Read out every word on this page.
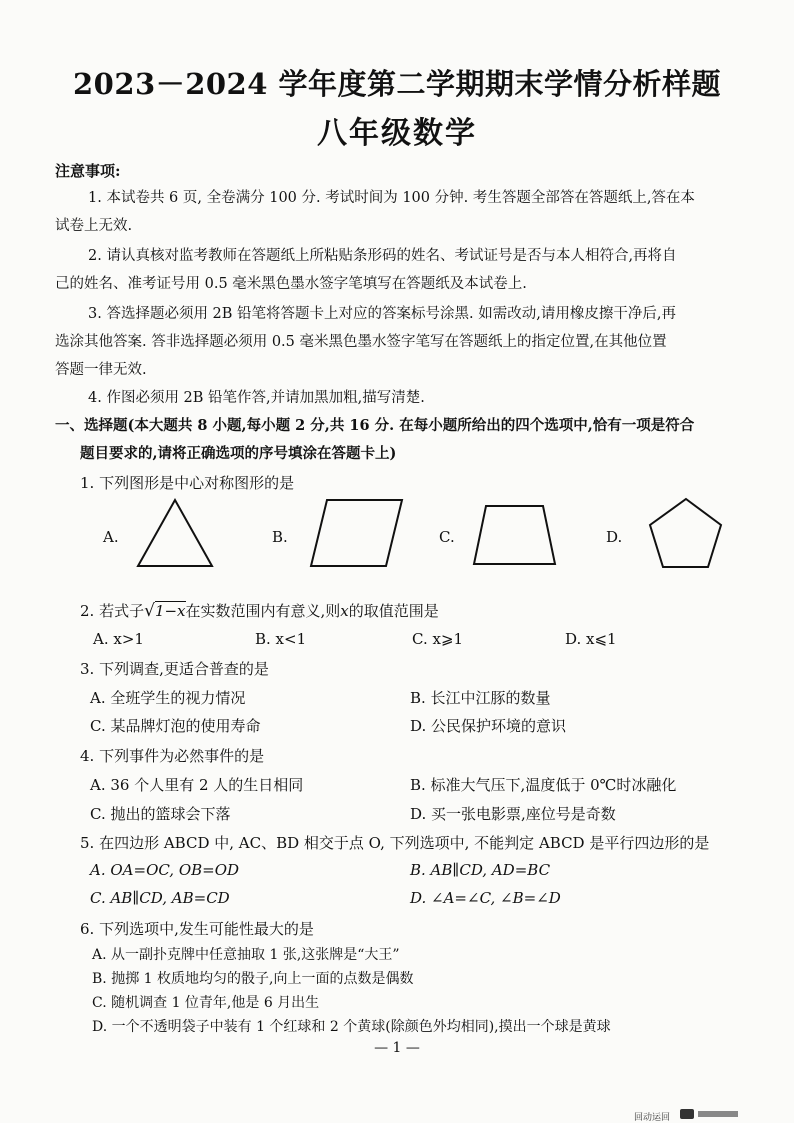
2023－2024 学年度第二学期期末学情分析样题
八年级数学
注意事项:
1. 本试卷共 6 页, 全卷满分 100 分. 考试时间为 100 分钟. 考生答题全部答在答题纸上,答在本
试卷上无效.
2. 请认真核对监考教师在答题纸上所粘贴条形码的姓名、考试证号是否与本人相符合,再将自
己的姓名、准考证号用 0.5 毫米黑色墨水签字笔填写在答题纸及本试卷上.
3. 答选择题必须用 2B 铅笔将答题卡上对应的答案标号涂黑. 如需改动,请用橡皮擦干净后,再
选涂其他答案. 答非选择题必须用 0.5 毫米黑色墨水签字笔写在答题纸上的指定位置,在其他位置
答题一律无效.
4. 作图必须用 2B 铅笔作答,并请加黑加粗,描写清楚.
一、选择题(本大题共 8 小题,每小题 2 分,共 16 分. 在每小题所给出的四个选项中,恰有一项是符合
题目要求的,请将正确选项的序号填涂在答题卡上)
1. 下列图形是中心对称图形的是
A.	B.	C.	D.
2. 若式子√1−x在实数范围内有意义,则x的取值范围是
A. x>1	B. x<1	C. x⩾1	D. x⩽1
3. 下列调查,更适合普查的是
A. 全班学生的视力情况	B. 长江中江豚的数量
C. 某品牌灯泡的使用寿命	D. 公民保护环境的意识
4. 下列事件为必然事件的是
A. 36 个人里有 2 人的生日相同	B. 标准大气压下,温度低于 0℃时冰融化
C. 抛出的篮球会下落	D. 买一张电影票,座位号是奇数
5. 在四边形 ABCD 中, AC、BD 相交于点 O, 下列选项中, 不能判定 ABCD 是平行四边形的是
A. OA=OC, OB=OD	B. AB∥CD, AD=BC
C. AB∥CD, AB=CD	D. ∠A=∠C, ∠B=∠D
6. 下列选项中,发生可能性最大的是
A. 从一副扑克牌中任意抽取 1 张,这张牌是“大王”
B. 抛掷 1 枚质地均匀的骰子,向上一面的点数是偶数
C. 随机调查 1 位青年,他是 6 月出生
D. 一个不透明袋子中装有 1 个红球和 2 个黄球(除颜色外均相同),摸出一个球是黄球
— 1 —
回动运回
